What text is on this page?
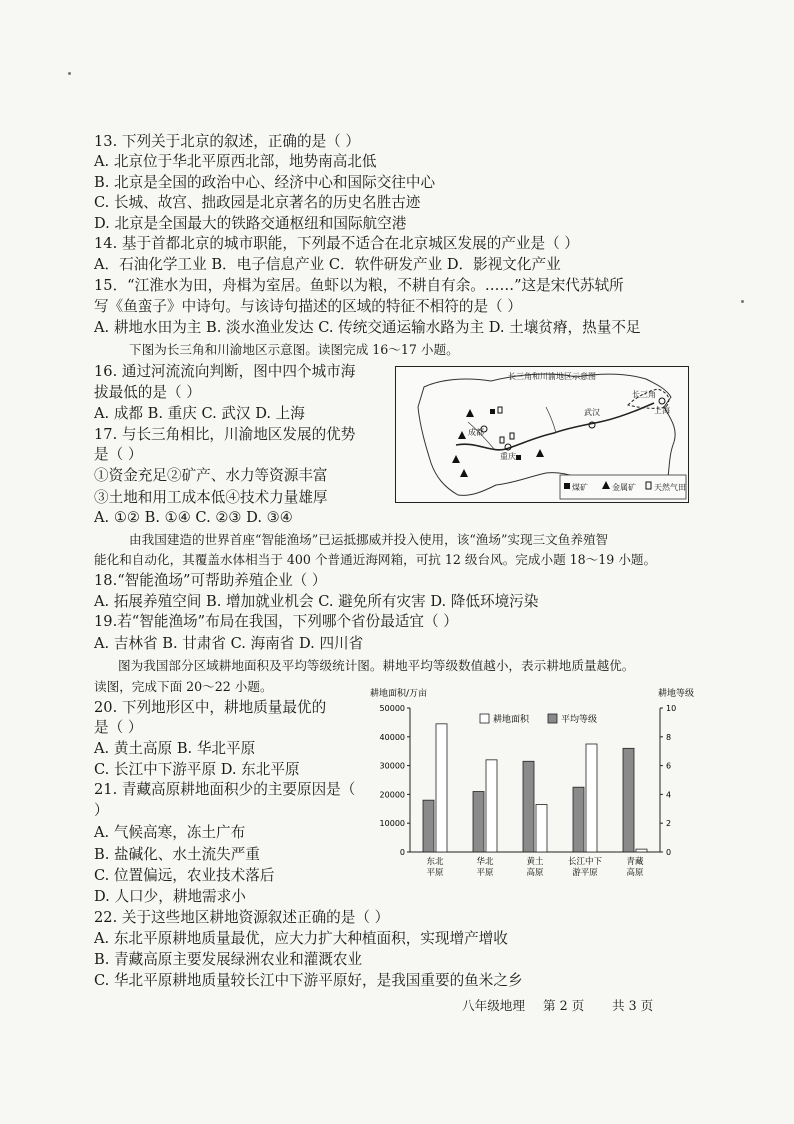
13. 下列关于北京的叙述，正确的是（ ）
A. 北京位于华北平原西北部，地势南高北低
B. 北京是全国的政治中心、经济中心和国际交往中心
C. 长城、故宫、拙政园是北京著名的历史名胜古迹
D. 北京是全国最大的铁路交通枢纽和国际航空港
14. 基于首都北京的城市职能，下列最不适合在北京城区发展的产业是（ ）
A．石油化学工业 B．电子信息产业 C．软件研发产业 D．影视文化产业
15．“江淮水为田，舟楫为室居。鱼虾以为粮，不耕自有余。……”这是宋代苏轼所
写《鱼蛮子》中诗句。与该诗句描述的区域的特征不相符的是（ ）
A. 耕地水田为主 B. 淡水渔业发达 C. 传统交通运输水路为主 D. 土壤贫瘠，热量不足
下图为长三角和川渝地区示意图。读图完成 16～17 小题。
16. 通过河流流向判断，图中四个城市海
拔最低的是（ ）
A. 成都 B. 重庆 C. 武汉 D. 上海
17. 与长三角相比，川渝地区发展的优势
是（ ）
①资金充足②矿产、水力等资源丰富
③土地和用工成本低④技术力量雄厚
A. ①② B. ①④ C. ②③ D. ③④
由我国建造的世界首座“智能渔场”已运抵挪威并投入使用，该“渔场”实现三文鱼养殖智
能化和自动化，其覆盖水体相当于 400 个普通近海网箱，可抗 12 级台风。完成小题 18～19 小题。
18.“智能渔场”可帮助养殖企业（ ）
A. 拓展养殖空间 B. 增加就业机会 C. 避免所有灾害 D. 降低环境污染
19.若“智能渔场”布局在我国，下列哪个省份最适宜（ ）
A. 吉林省 B. 甘肃省 C. 海南省 D. 四川省
图为我国部分区域耕地面积及平均等级统计图。耕地平均等级数值越小，表示耕地质量越优。
读图，完成下面 20～22 小题。
20. 下列地形区中，耕地质量最优的
是（ ）
A. 黄土高原 B. 华北平原
C. 长江中下游平原 D. 东北平原
21. 青藏高原耕地面积少的主要原因是（
）
A. 气候高寒，冻土广布
B. 盐碱化、水土流失严重
C. 位置偏远，农业技术落后
D. 人口少，耕地需求小
22. 关于这些地区耕地资源叙述正确的是（ ）
A. 东北平原耕地质量最优，应大力扩大种植面积，实现增产增收
B. 青藏高原主要发展绿洲农业和灌溉农业
C. 华北平原耕地质量较长江中下游平原好，是我国重要的鱼米之乡
八年级地理 第 2 页 共 3 页
长三角和川渝地区示意图
成都
重庆
武汉	上海
长三角
煤矿	金属矿 天然气田
0
10000
20000
30000
40000
50000
0
2
4
6
8
10
耕地面积/万亩	耕地等级
东北
平原
华北
平原
黄土
高原
长江中下
游平原
青藏
高原
耕地面积	平均等级
